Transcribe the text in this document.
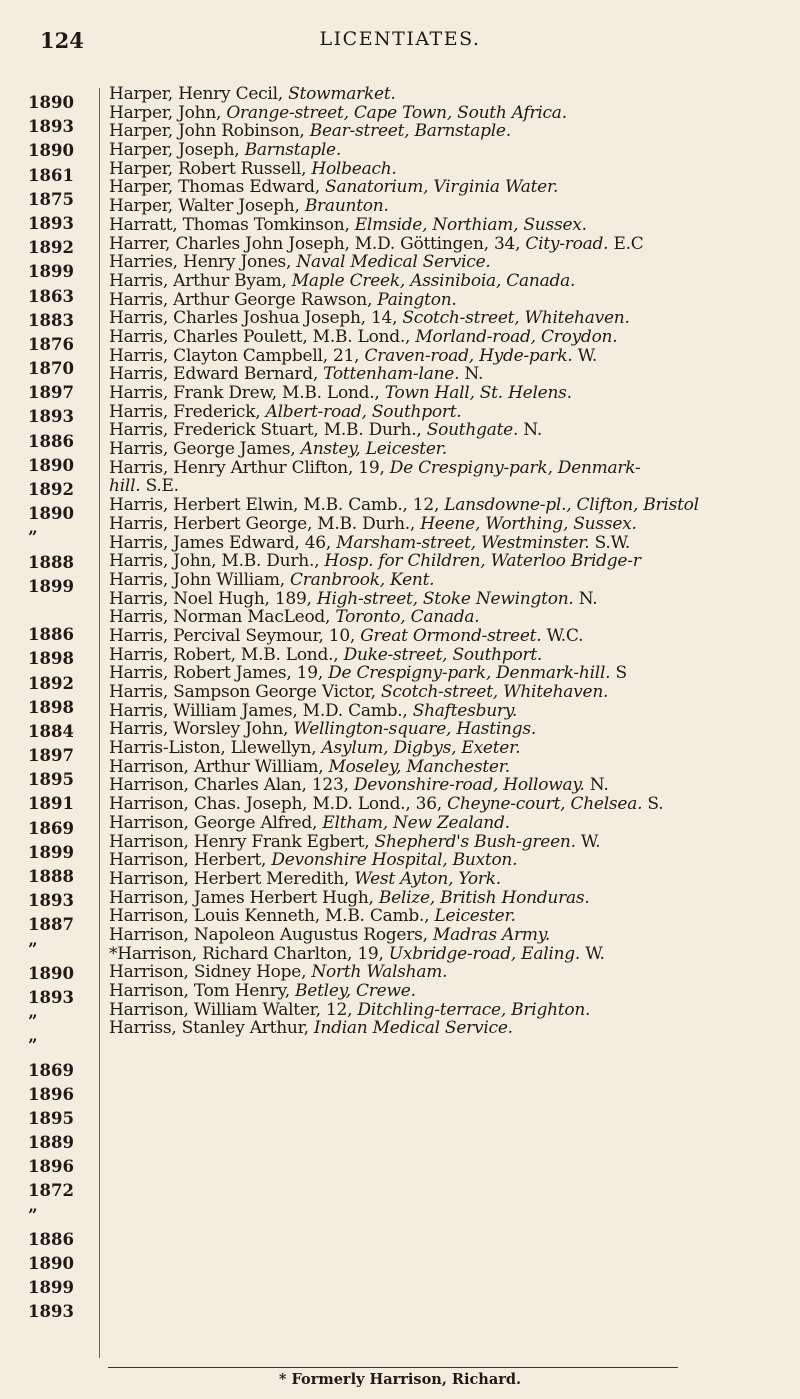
124	LICENTIATES.
1890
1893
1890
1861
1875
1893
1892
1899
1863
1883
1876
1870
1897
1893
1886
1890
1892
1890
”
1888
1899
1886
1898
1892
1898
1884
1897
1895
1891
1869
1899
1888
1893
1887
”
1890
1893
”
”
1869
1896
1895
1889
1896
1872
”
1886
1890
1899
1893
Harper, Henry Cecil, Stowmarket.
Harper, John, Orange-street, Cape Town, South Africa.
Harper, John Robinson, Bear-street, Barnstaple.
Harper, Joseph, Barnstaple.
Harper, Robert Russell, Holbeach.
Harper, Thomas Edward, Sanatorium, Virginia Water.
Harper, Walter Joseph, Braunton.
Harratt, Thomas Tomkinson, Elmside, Northiam, Sussex.
Harrer, Charles John Joseph, M.D. Göttingen, 34, City-road. E.C
Harries, Henry Jones, Naval Medical Service.
Harris, Arthur Byam, Maple Creek, Assiniboia, Canada.
Harris, Arthur George Rawson, Paington.
Harris, Charles Joshua Joseph, 14, Scotch-street, Whitehaven.
Harris, Charles Poulett, M.B. Lond., Morland-road, Croydon.
Harris, Clayton Campbell, 21, Craven-road, Hyde-park. W.
Harris, Edward Bernard, Tottenham-lane. N.
Harris, Frank Drew, M.B. Lond., Town Hall, St. Helens.
Harris, Frederick, Albert-road, Southport.
Harris, Frederick Stuart, M.B. Durh., Southgate. N.
Harris, George James, Anstey, Leicester.
Harris, Henry Arthur Clifton, 19, De Crespigny-park, Denmark-
hill. S.E.
Harris, Herbert Elwin, M.B. Camb., 12, Lansdowne-pl., Clifton, Bristol
Harris, Herbert George, M.B. Durh., Heene, Worthing, Sussex.
Harris, James Edward, 46, Marsham-street, Westminster. S.W.
Harris, John, M.B. Durh., Hosp. for Children, Waterloo Bridge-r
Harris, John William, Cranbrook, Kent.
Harris, Noel Hugh, 189, High-street, Stoke Newington. N.
Harris, Norman MacLeod, Toronto, Canada.
Harris, Percival Seymour, 10, Great Ormond-street. W.C.
Harris, Robert, M.B. Lond., Duke-street, Southport.
Harris, Robert James, 19, De Crespigny-park, Denmark-hill. S
Harris, Sampson George Victor, Scotch-street, Whitehaven.
Harris, William James, M.D. Camb., Shaftesbury.
Harris, Worsley John, Wellington-square, Hastings.
Harris-Liston, Llewellyn, Asylum, Digbys, Exeter.
Harrison, Arthur William, Moseley, Manchester.
Harrison, Charles Alan, 123, Devonshire-road, Holloway. N.
Harrison, Chas. Joseph, M.D. Lond., 36, Cheyne-court, Chelsea. S.
Harrison, George Alfred, Eltham, New Zealand.
Harrison, Henry Frank Egbert, Shepherd's Bush-green. W.
Harrison, Herbert, Devonshire Hospital, Buxton.
Harrison, Herbert Meredith, West Ayton, York.
Harrison, James Herbert Hugh, Belize, British Honduras.
Harrison, Louis Kenneth, M.B. Camb., Leicester.
Harrison, Napoleon Augustus Rogers, Madras Army.
*Harrison, Richard Charlton, 19, Uxbridge-road, Ealing. W.
Harrison, Sidney Hope, North Walsham.
Harrison, Tom Henry, Betley, Crewe.
Harrison, William Walter, 12, Ditchling-terrace, Brighton.
Harriss, Stanley Arthur, Indian Medical Service.
* Formerly Harrison, Richard.
